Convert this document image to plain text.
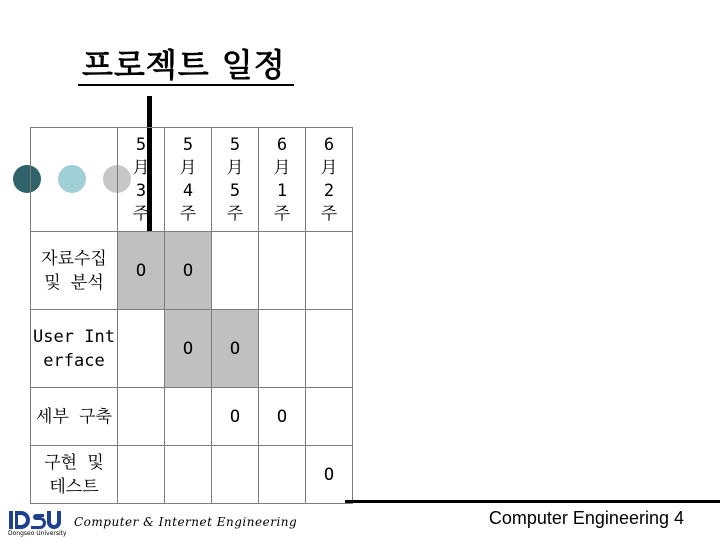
프로젝트 일정
	5月3주	5月4주	5月5주	6月1주	6月2주
자료수집 및 분석	O	O			
User Interface		O	O		
세부 구축			O	O	
구현 및 테스트					O
Dongseo University
Computer & Internet Engineering	Computer Engineering 4
